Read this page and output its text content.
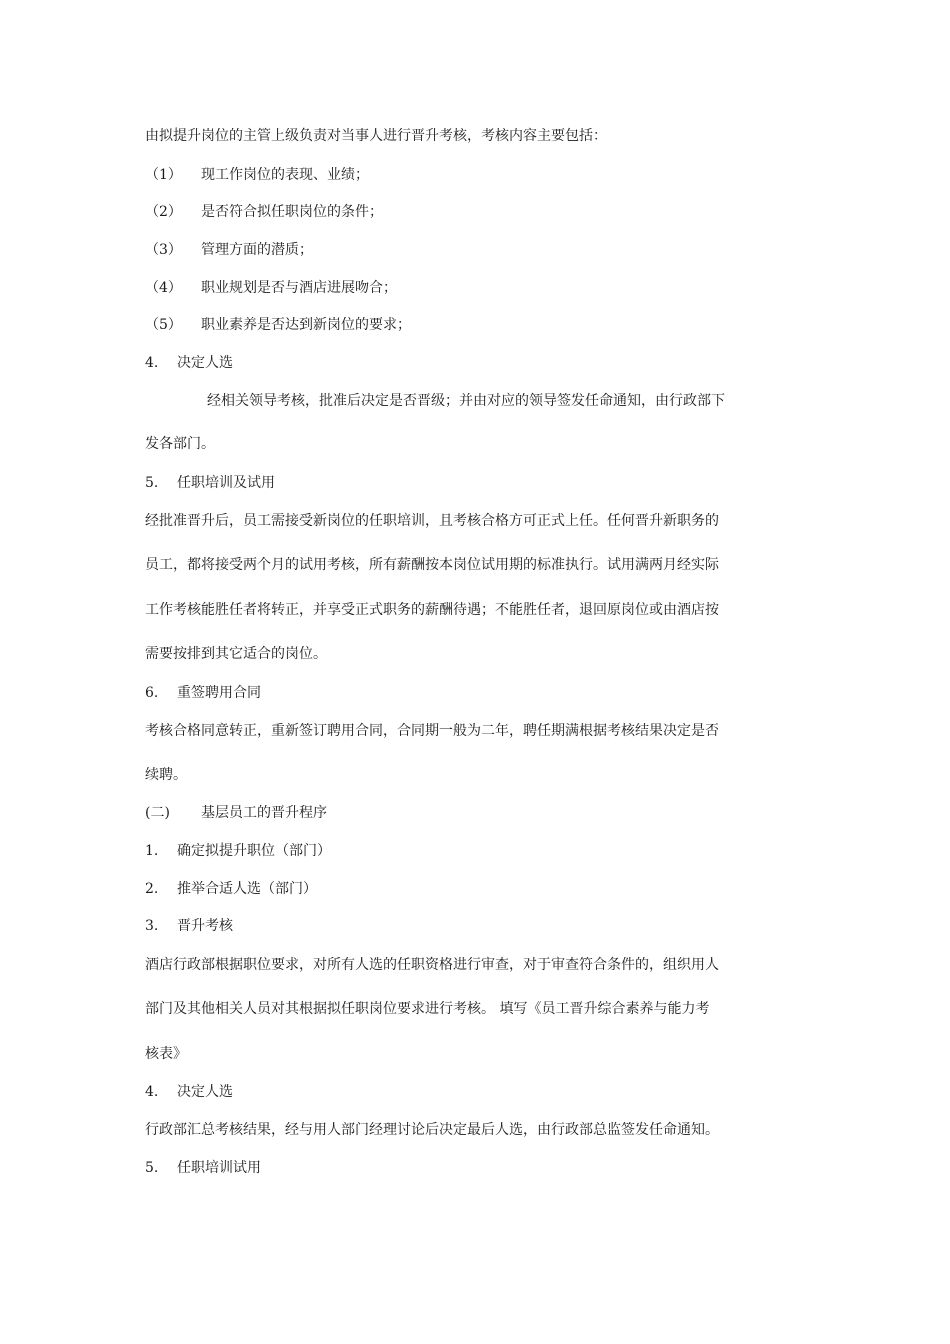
由拟提升岗位的主管上级负责对当事人进行晋升考核，考核内容主要包括：
（1） 现工作岗位的表现、业绩；
（2） 是否符合拟任职岗位的条件；
（3） 管理方面的潜质；
（4） 职业规划是否与酒店进展吻合；
（5） 职业素养是否达到新岗位的要求；
4. 决定人选
经相关领导考核，批准后决定是否晋级；并由对应的领导签发任命通知，由行政部下
发各部门。
5. 任职培训及试用
经批准晋升后，员工需接受新岗位的任职培训，且考核合格方可正式上任。任何晋升新职务的
员工，都将接受两个月的试用考核，所有薪酬按本岗位试用期的标准执行。试用满两月经实际
工作考核能胜任者将转正，并享受正式职务的薪酬待遇；不能胜任者，退回原岗位或由酒店按
需要按排到其它适合的岗位。
6. 重签聘用合同
考核合格同意转正，重新签订聘用合同，合同期一般为二年，聘任期满根据考核结果决定是否
续聘。
(二) 基层员工的晋升程序
1. 确定拟提升职位（部门）
2. 推举合适人选（部门）
3. 晋升考核
酒店行政部根据职位要求，对所有人选的任职资格进行审查，对于审查符合条件的，组织用人
部门及其他相关人员对其根据拟任职岗位要求进行考核。 填写《员工晋升综合素养与能力考
核表》
4. 决定人选
行政部汇总考核结果，经与用人部门经理讨论后决定最后人选，由行政部总监签发任命通知。
5. 任职培训试用
